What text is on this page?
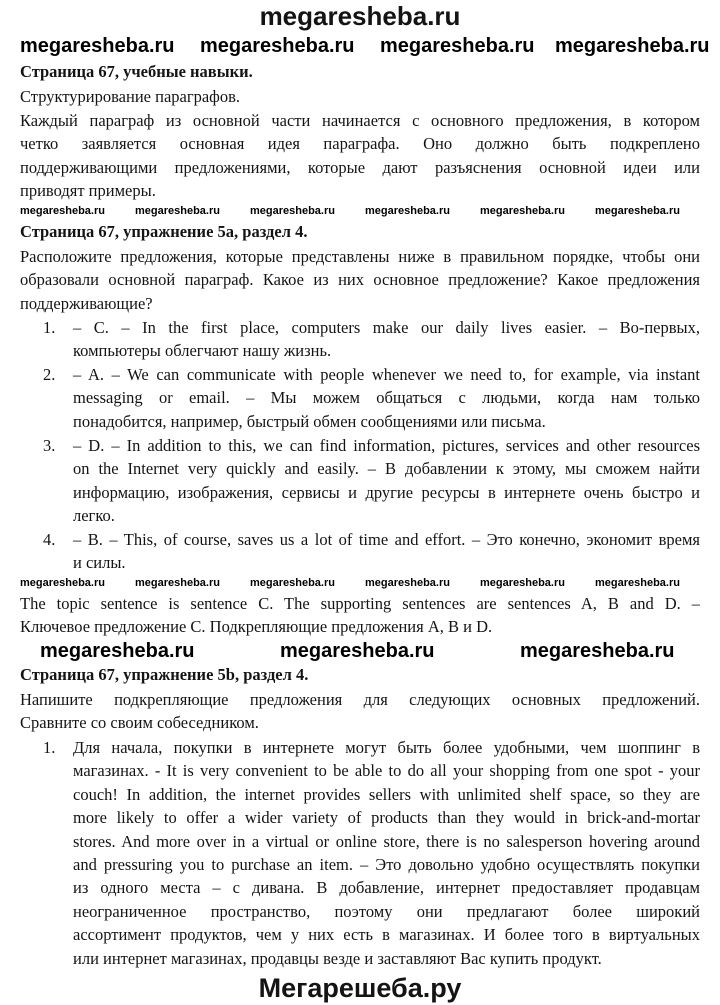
megaresheba.ru
Страница 67, учебные навыки.
Структурирование параграфов.
Каждый параграф из основной части начинается с основного предложения, в котором
четко заявляется основная идея параграфа. Оно должно быть подкреплено
поддерживающими предложениями, которые дают разъяснения основной идеи или
приводят примеры.
Страница 67, упражнение 5a, раздел 4.
Расположите предложения, которые представлены ниже в правильном порядке, чтобы они
образовали основной параграф. Какое из них основное предложение? Какое предложения
поддерживающие?
1. – C. – In the first place, computers make our daily lives easier. – Во-первых,
компьютеры облегчают нашу жизнь.
2. – A. – We can communicate with people whenever we need to, for example, via instant
messaging or email. – Мы можем общаться с людьми, когда нам только
понадобится, например, быстрый обмен сообщениями или письма.
3. – D. – In addition to this, we can find information, pictures, services and other resources
on the Internet very quickly and easily. – В добавлении к этому, мы сможем найти
информацию, изображения, сервисы и другие ресурсы в интернете очень быстро и
легко.
4. – B. – This, of course, saves us a lot of time and effort. – Это конечно, экономит время
и силы.
The topic sentence is sentence C. The supporting sentences are sentences A, B and D. –
Ключевое предложение С. Подкрепляющие предложения А, В и D.
Страница 67, упражнение 5b, раздел 4.
Напишите подкрепляющие предложения для следующих основных предложений.
Сравните со своим собеседником.
1. Для начала, покупки в интернете могут быть более удобными, чем шоппинг в
магазинах. - It is very convenient to be able to do all your shopping from one spot - your
couch! In addition, the internet provides sellers with unlimited shelf space, so they are
more likely to offer a wider variety of products than they would in brick-and-mortar
stores. And more over in a virtual or online store, there is no salesperson hovering around
and pressuring you to purchase an item. – Это довольно удобно осуществлять покупки
из одного места – с дивана. В добавление, интернет предоставляет продавцам
неограниченное пространство, поэтому они предлагают более широкий
ассортимент продуктов, чем у них есть в магазинах. И более того в виртуальных
или интернет магазинах, продавцы везде и заставляют Вас купить продукт.
Мегарешеба.ру
megaresheba.ru megaresheba.ru megaresheba.ru megaresheba.ru
megaresheba.ru	megaresheba.ru	megaresheba.ru
megaresheba.ru	megaresheba.ru	megaresheba.ru	megaresheba.ru	megaresheba.ru	megaresheba.ru
megaresheba.ru	megaresheba.ru	megaresheba.ru	megaresheba.ru	megaresheba.ru	megaresheba.ru
